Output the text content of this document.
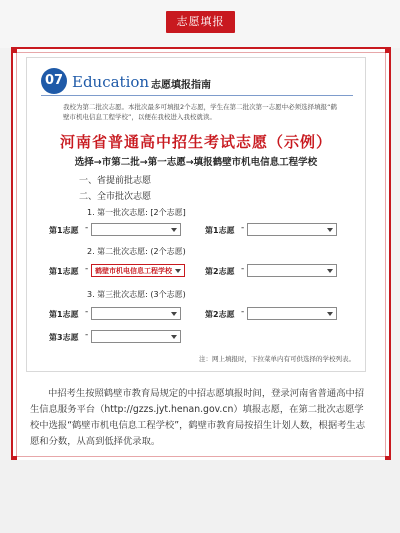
志愿填报
07 Education 志愿填报指南
我校为第二批次志愿。本批次最多可填报2个志愿，学生在第二批次第一志愿中必须选择填报“鹤壁市机电信息工程学校”，以便在我校进入我校就读。
河南省普通高中招生考试志愿（示例）
选择→市第二批→第一志愿→填报鹤壁市机电信息工程学校
一、省提前批志愿
二、全市批次志愿
1. 第一批次志愿: [2个志愿]
第1志愿 -	第1志愿 -
2. 第二批次志愿: (2个志愿)
第1志愿 - 鹤壁市机电信息工程学校	第2志愿 -
3. 第三批次志愿: (3个志愿)
第1志愿 -	第2志愿 -
第3志愿 -
注：网上填报时，下拉菜单内有可供选择的学校列表。
中招考生按照鹤壁市教育局规定的中招志愿填报时间，登录河南省普通高中招生信息服务平台（http://gzzs.jyt.henan.gov.cn）填报志愿，在第二批次志愿学校中选报“鹤壁市机电信息工程学校”，鹤壁市教育局按招生计划人数，根据考生志愿和分数，从高到低择优录取。
